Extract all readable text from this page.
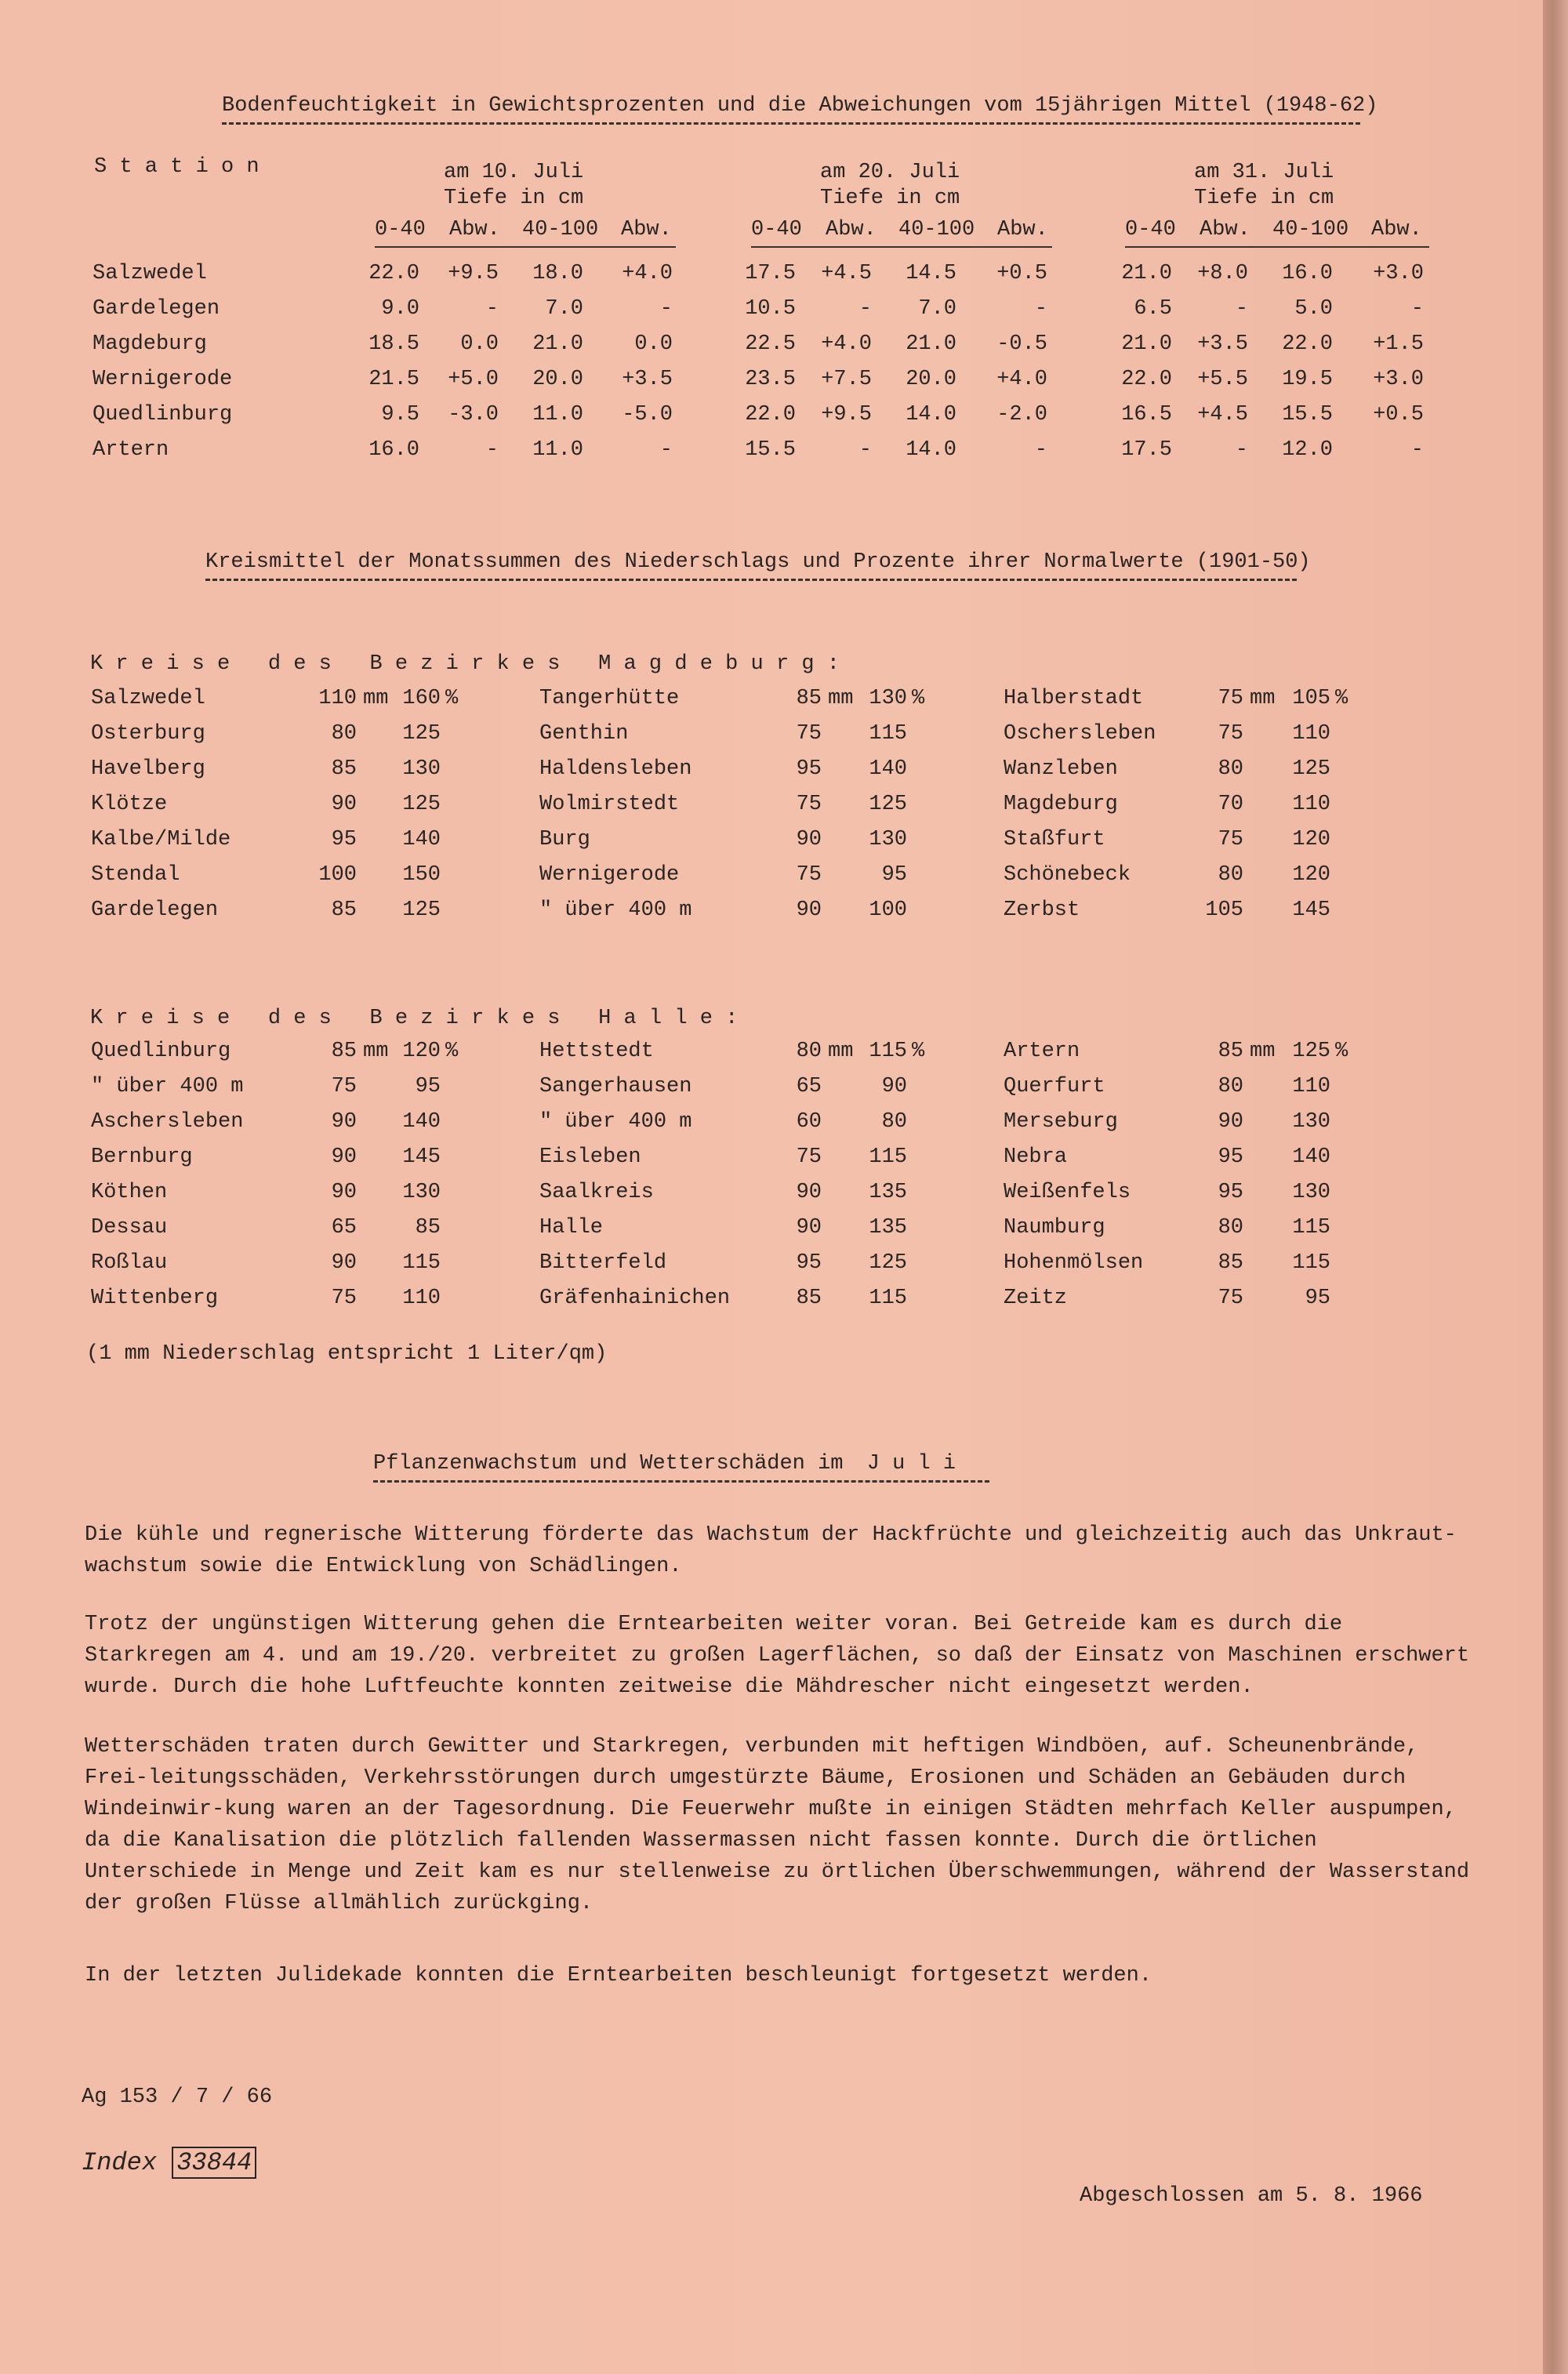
Bodenfeuchtigkeit in Gewichtsprozenten und die Abweichungen vom 15jährigen Mittel (1948-62)
S t a t i o n	am 10. Juli
Tiefe in cm
0-40 Abw. 40-100 Abw.
am 20. Juli
Tiefe in cm
0-40 Abw. 40-100 Abw.
am 31. Juli
Tiefe in cm
0-40 Abw. 40-100 Abw.
Salzwedel	22.0	+9.5	18.0	+4.0	17.5	+4.5	14.5	+0.5	21.0	+8.0	16.0	+3.0
Gardelegen	9.0	-	7.0	-	10.5	-	7.0	-	6.5	-	5.0	-
Magdeburg	18.5	0.0	21.0	0.0	22.5	+4.0	21.0	-0.5	21.0	+3.5	22.0	+1.5
Wernigerode	21.5	+5.0	20.0	+3.5	23.5	+7.5	20.0	+4.0	22.0	+5.5	19.5	+3.0
Quedlinburg	9.5	-3.0	11.0	-5.0	22.0	+9.5	14.0	-2.0	16.5	+4.5	15.5	+0.5
Artern	16.0	-	11.0	-	15.5	-	14.0	-	17.5	-	12.0	-
Kreismittel der Monatssummen des Niederschlags und Prozente ihrer Normalwerte (1901-50)
K r e i s e   d e s   B e z i r k e s   M a g d e b u r g :
Salzwedel	110 mm 160 %
Osterburg	80	125
Havelberg	85	130
Klötze	90	125
Kalbe/Milde	95	140
Stendal	100	150
Gardelegen	85	125
Tangerhütte	85 mm 130 %
Genthin	75	115
Haldensleben	95	140
Wolmirstedt	75	125
Burg	90	130
Wernigerode	75	95
" über 400 m	90	100
Halberstadt	75 mm 105 %
Oschersleben	75	110
Wanzleben	80	125
Magdeburg	70	110
Staßfurt	75	120
Schönebeck	80	120
Zerbst	105	145
K r e i s e   d e s   B e z i r k e s   H a l l e :
Quedlinburg	85 mm 120 %
" über 400 m	75	95
Aschersleben	90	140
Bernburg	90	145
Köthen	90	130
Dessau	65	85
Roßlau	90	115
Wittenberg	75	110
Hettstedt	80 mm 115 %
Sangerhausen	65	90
" über 400 m	60	80
Eisleben	75	115
Saalkreis	90	135
Halle	90	135
Bitterfeld	95	125
Gräfenhainichen	85	115
Artern	85 mm 125 %
Querfurt	80	110
Merseburg	90	130
Nebra	95	140
Weißenfels	95	130
Naumburg	80	115
Hohenmölsen	85	115
Zeitz	75	95
(1 mm Niederschlag entspricht 1 Liter/qm)
Pflanzenwachstum und Wetterschäden im J u l i
Die kühle und regnerische Witterung förderte das Wachstum der Hackfrüchte und gleichzeitig auch das Unkraut-wachstum sowie die Entwicklung von Schädlingen.
Trotz der ungünstigen Witterung gehen die Erntearbeiten weiter voran. Bei Getreide kam es durch die Starkregen am 4. und am 19./20. verbreitet zu großen Lagerflächen, so daß der Einsatz von Maschinen erschwert wurde. Durch die hohe Luftfeuchte konnten zeitweise die Mähdrescher nicht eingesetzt werden.
Wetterschäden traten durch Gewitter und Starkregen, verbunden mit heftigen Windböen, auf. Scheunenbrände, Frei-leitungsschäden, Verkehrsstörungen durch umgestürzte Bäume, Erosionen und Schäden an Gebäuden durch Windeinwir-kung waren an der Tagesordnung. Die Feuerwehr mußte in einigen Städten mehrfach Keller auspumpen, da die Kanalisation die plötzlich fallenden Wassermassen nicht fassen konnte. Durch die örtlichen Unterschiede in Menge und Zeit kam es nur stellenweise zu örtlichen Überschwemmungen, während der Wasserstand der großen Flüsse allmählich zurückging.
In der letzten Julidekade konnten die Erntearbeiten beschleunigt fortgesetzt werden.
Ag 153 / 7 / 66
Index 33844
Abgeschlossen am 5. 8. 1966
